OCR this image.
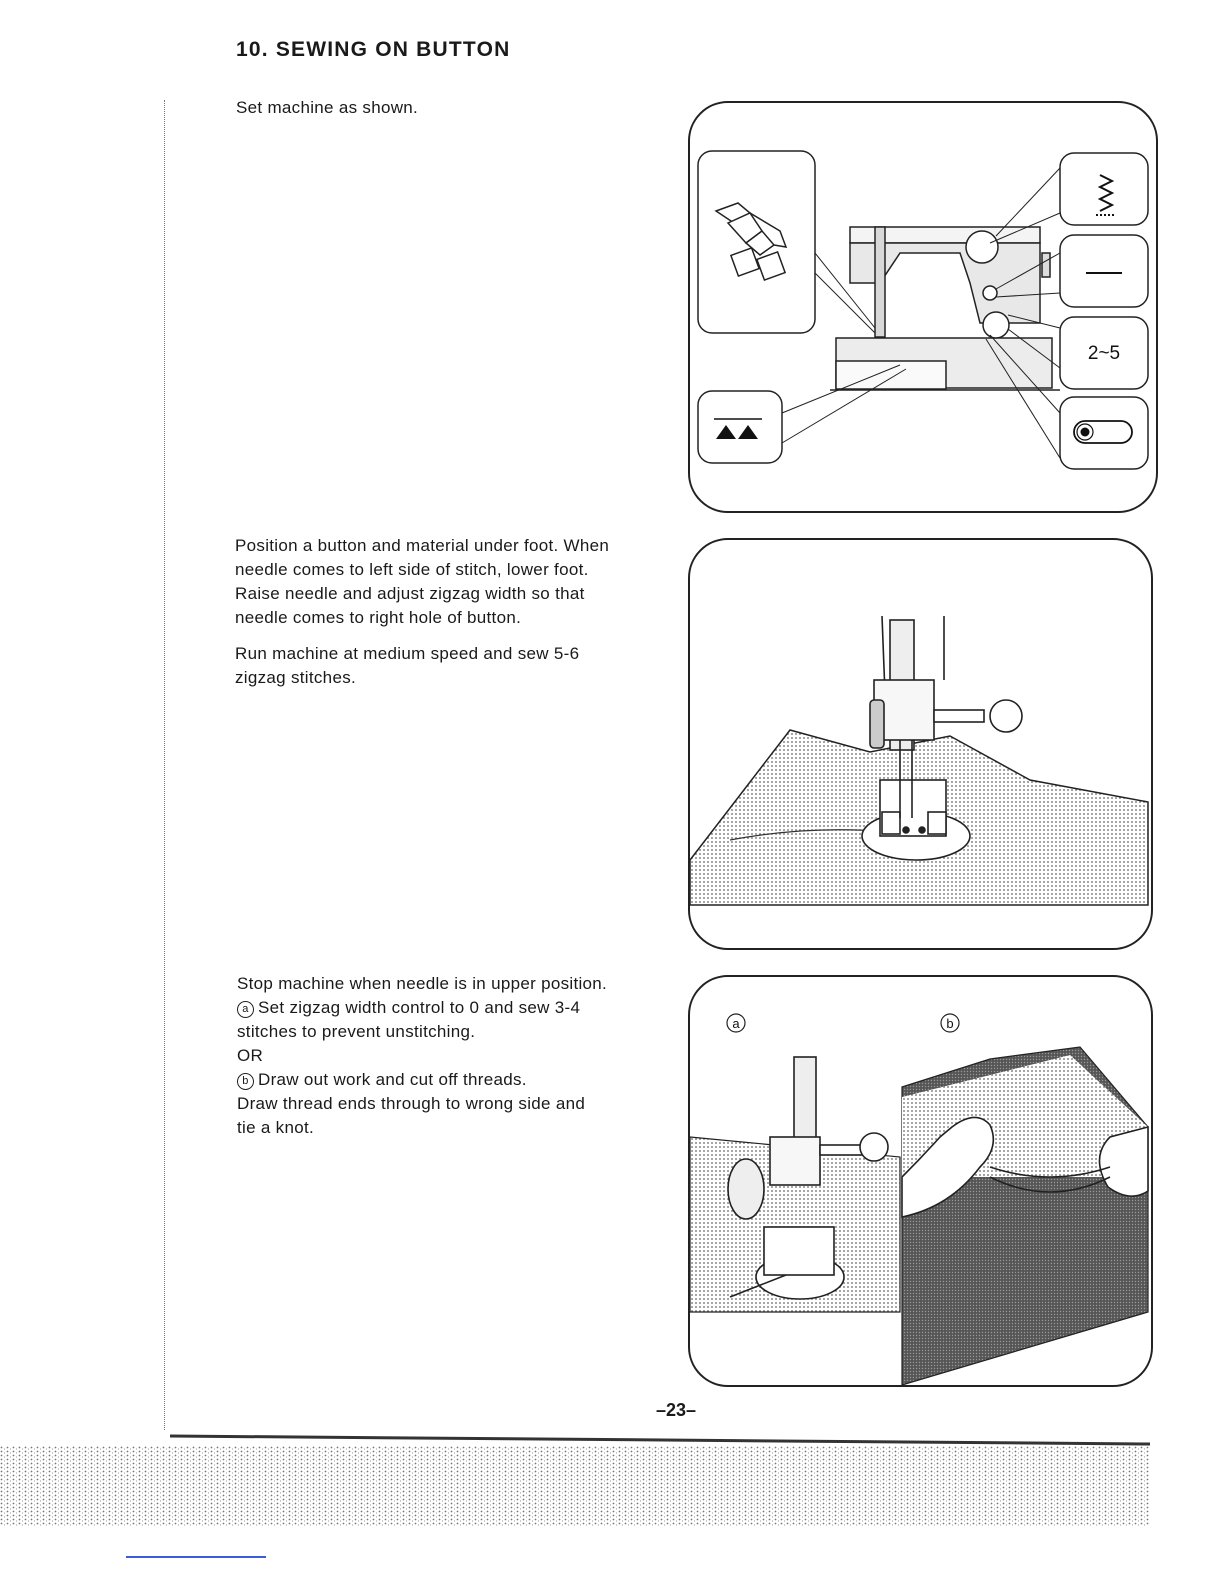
10. SEWING ON BUTTON
Set machine as shown.
Position a button and material under foot. When
needle comes to left side of stitch, lower foot.
Raise needle and adjust zigzag width so that
needle comes to right hole of button.
Run machine at medium speed and sew 5-6
zigzag stitches.
Stop machine when needle is in upper position.
a Set zigzag width control to 0 and sew 3-4
stitches to prevent unstitching.
OR
b Draw out work and cut off threads.
Draw thread ends through to wrong side and
tie a knot.
2~5
a	b
–23–
